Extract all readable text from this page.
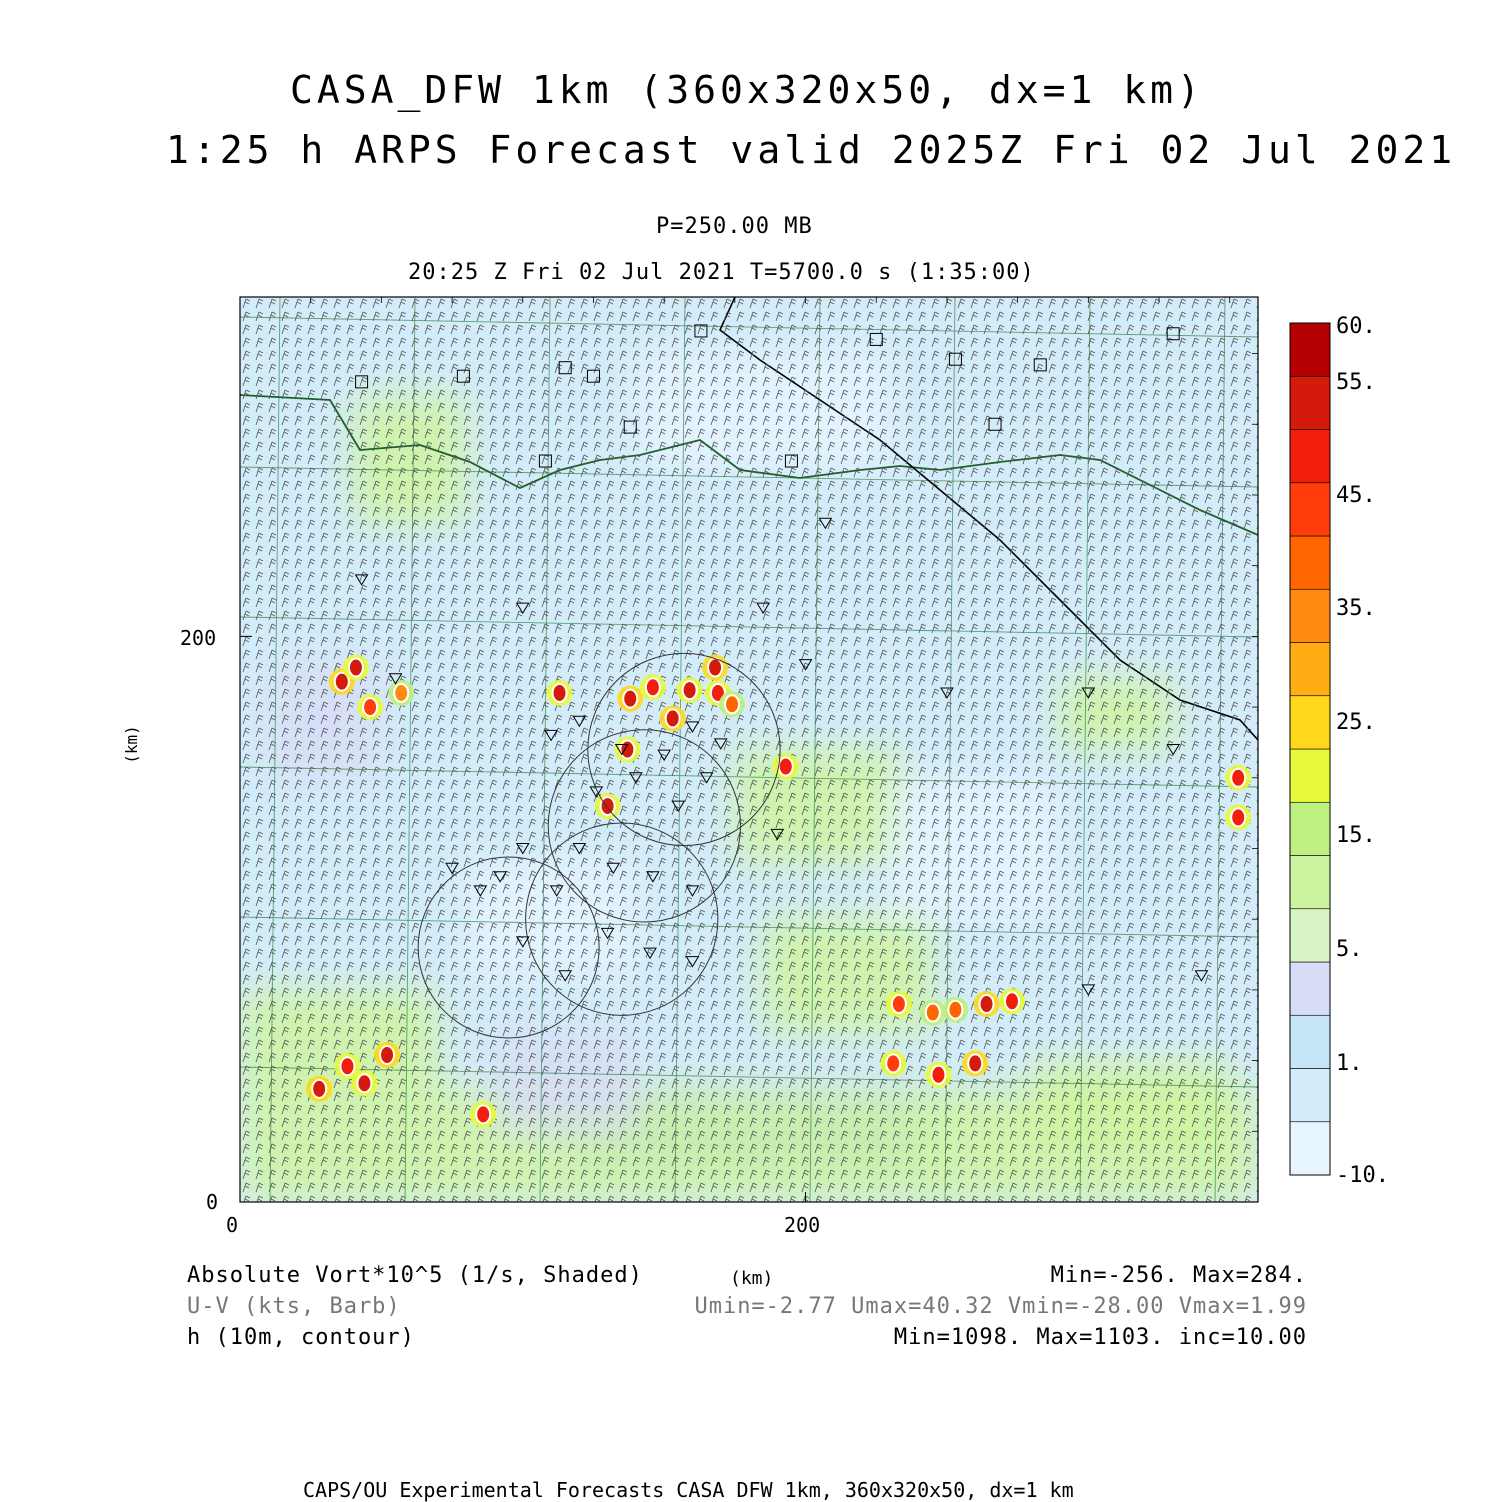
CASA_DFW 1km (360x320x50, dx=1 km)
1:25 h ARPS Forecast valid 2025Z Fri 02 Jul 2021
P=250.00 MB
20:25 Z Fri 02 Jul 2021 T=5700.0 s (1:35:00)
0	200
0
200
(km)
60.
55.
45.
35.
25.
15.
5.
1.
-10.
Absolute Vort*10^5 (1/s, Shaded)
U-V (kts, Barb)
h (10m, contour)
(km)	Min=-256. Max=284.
Umin=-2.77 Umax=40.32 Vmin=-28.00 Vmax=1.99
Min=1098. Max=1103. inc=10.00
CAPS/OU Experimental Forecasts CASA DFW 1km, 360x320x50, dx=1 km
